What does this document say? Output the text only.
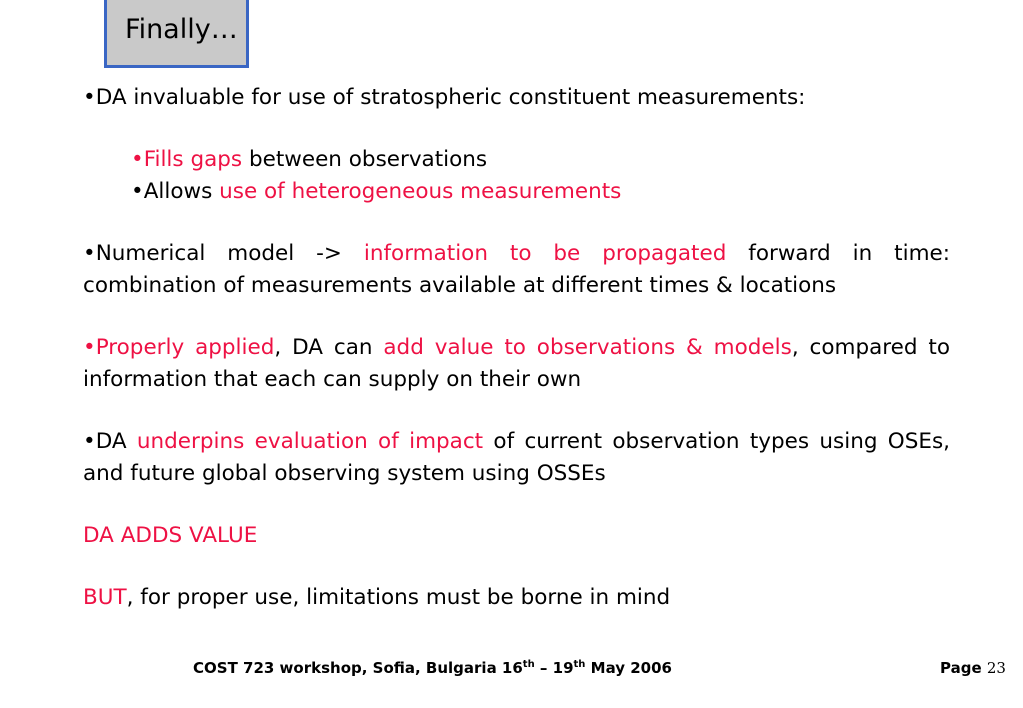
Finally…

•DA invaluable for use of stratospheric constituent measurements:

•Fills gaps between observations

•Allows use of heterogeneous measurements

•Numerical model -> information to be propagated forward in time: combination of measurements available at different times & locations

•Properly applied, DA can add value to observations & models, compared to information that each can supply on their own

•DA underpins evaluation of impact of current observation types using OSEs, and future global observing system using OSSEs

DA ADDS VALUE

BUT, for proper use, limitations must be borne in mind

COST 723 workshop, Sofia, Bulgaria 16th – 19th May 2006	Page 23
